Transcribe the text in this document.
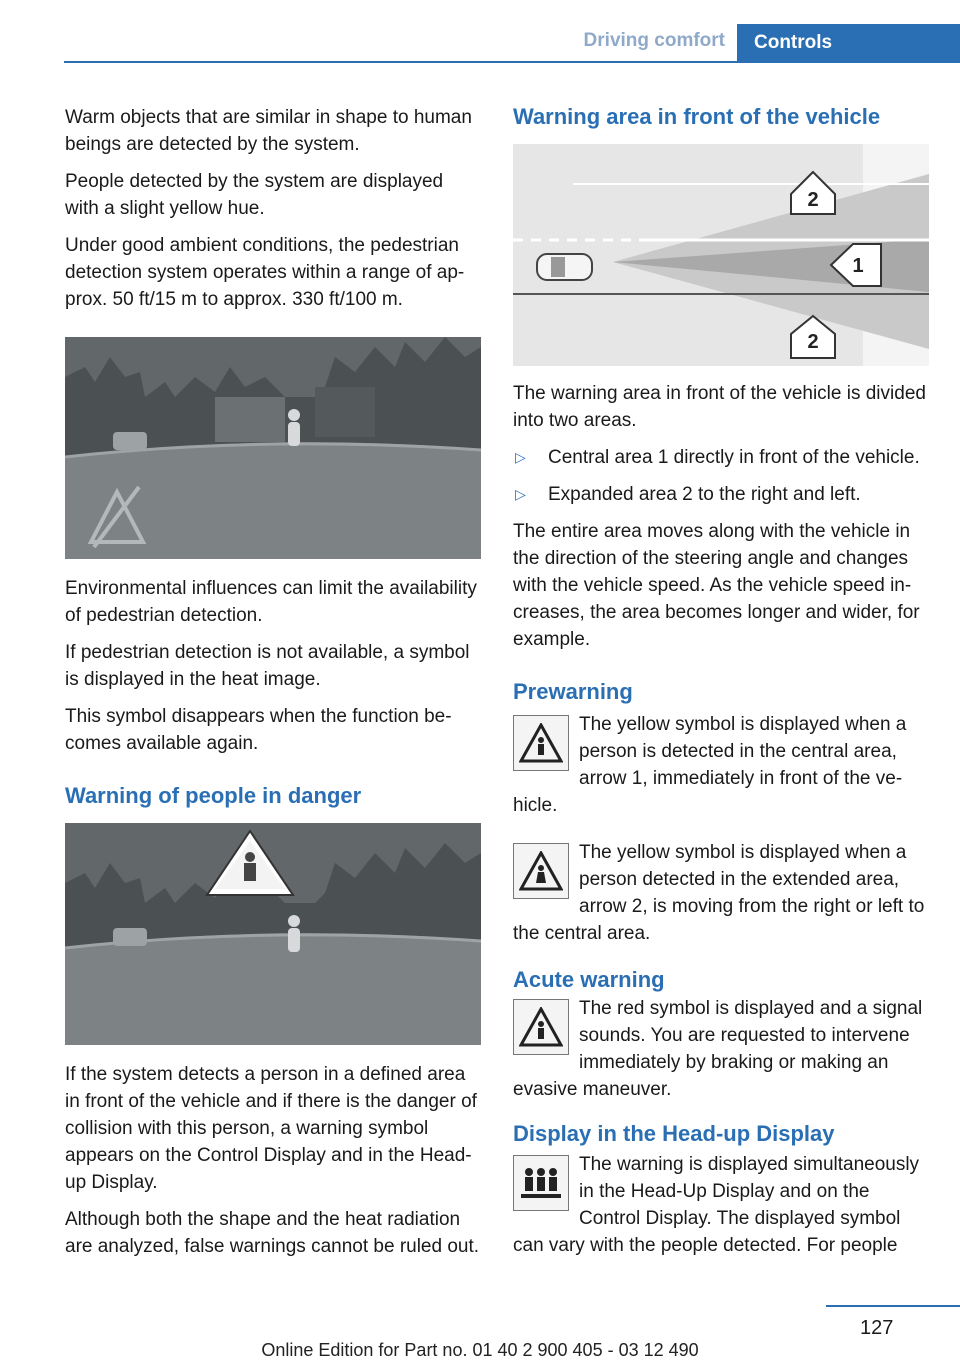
Driving comfort	Controls

Warm objects that are similar in shape to human beings are detected by the system.

People detected by the system are displayed with a slight yellow hue.

Under good ambient conditions, the pedestrian detection system operates within a range of approx. 50 ft/15 m to approx. 330 ft/100 m.

Environmental influences can limit the availability of pedestrian detection.

If pedestrian detection is not available, a symbol is displayed in the heat image.

This symbol disappears when the function becomes available again.

Warning of people in danger

If the system detects a person in a defined area in front of the vehicle and if there is the danger of collision with this person, a warning symbol appears on the Control Display and in the Head-up Display.

Although both the shape and the heat radiation are analyzed, false warnings cannot be ruled out.

Warning area in front of the vehicle
2
1
2

The warning area in front of the vehicle is divided into two areas.

▷	Central area 1 directly in front of the vehicle.
▷	Expanded area 2 to the right and left.

The entire area moves along with the vehicle in the direction of the steering angle and changes with the vehicle speed. As the vehicle speed increases, the area becomes longer and wider, for example.

Prewarning

The yellow symbol is displayed when a person is detected in the central area, arrow 1, immediately in front of the vehicle.

The yellow symbol is displayed when a person detected in the extended area, arrow 2, is moving from the right or left to the central area.

Acute warning

The red symbol is displayed and a signal sounds. You are requested to intervene immediately by braking or making an evasive maneuver.

Display in the Head-up Display

The warning is displayed simultaneously in the Head-Up Display and on the Control Display. The displayed symbol can vary with the people detected. For people

127
Online Edition for Part no. 01 40 2 900 405 - 03 12 490
